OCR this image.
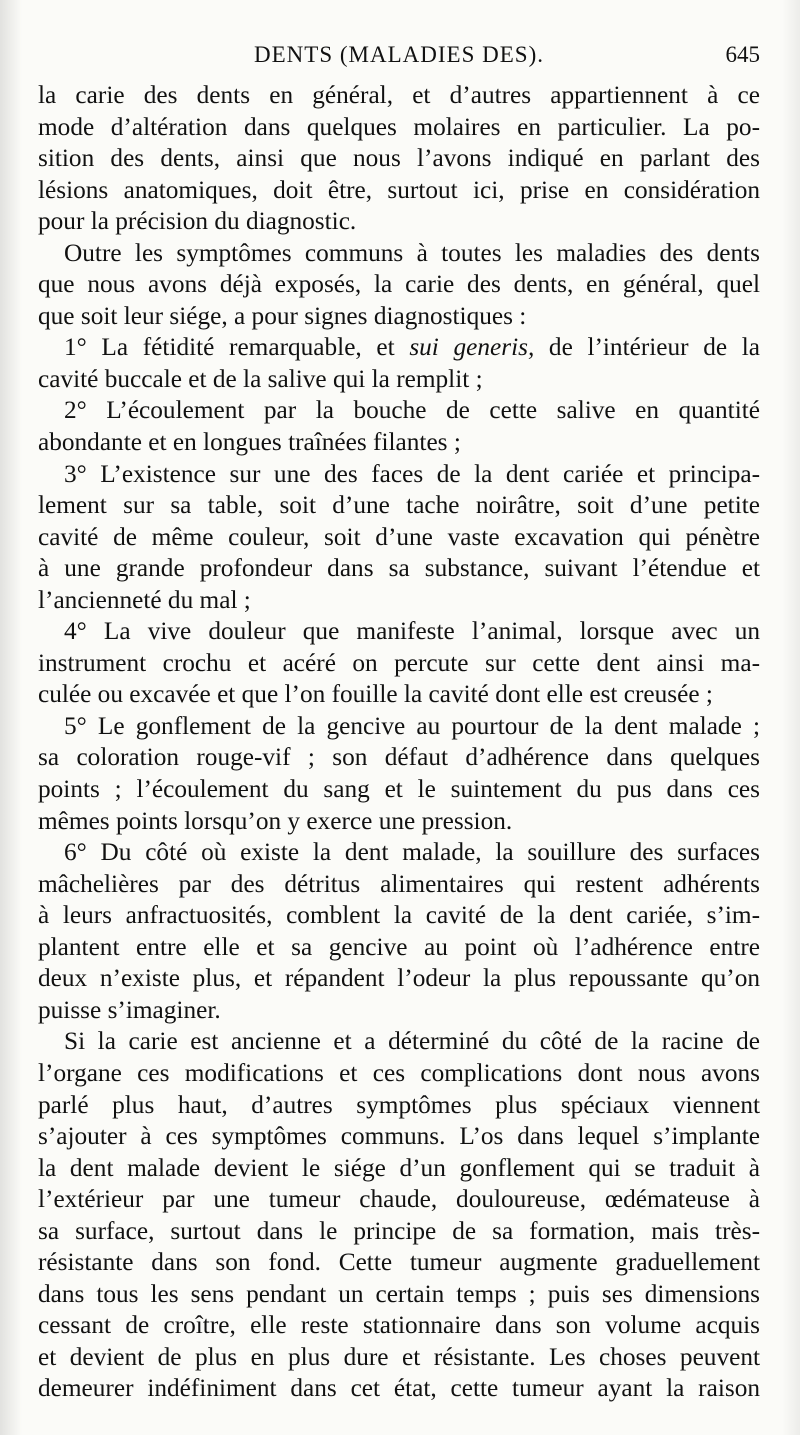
DENTS (MALADIES DES).	645

la carie des dents en général, et d’autres appartiennent à ce
mode d’altération dans quelques molaires en particulier. La po-
sition des dents, ainsi que nous l’avons indiqué en parlant des
lésions anatomiques, doit être, surtout ici, prise en considération
pour la précision du diagnostic.

Outre les symptômes communs à toutes les maladies des dents
que nous avons déjà exposés, la carie des dents, en général, quel
que soit leur siége, a pour signes diagnostiques :

1° La fétidité remarquable, et sui generis, de l’intérieur de la
cavité buccale et de la salive qui la remplit ;

2° L’écoulement par la bouche de cette salive en quantité
abondante et en longues traînées filantes ;

3° L’existence sur une des faces de la dent cariée et principa-
lement sur sa table, soit d’une tache noirâtre, soit d’une petite
cavité de même couleur, soit d’une vaste excavation qui pénètre
à une grande profondeur dans sa substance, suivant l’étendue et
l’ancienneté du mal ;

4° La vive douleur que manifeste l’animal, lorsque avec un
instrument crochu et acéré on percute sur cette dent ainsi ma-
culée ou excavée et que l’on fouille la cavité dont elle est creusée ;

5° Le gonflement de la gencive au pourtour de la dent malade ;
sa coloration rouge-vif ; son défaut d’adhérence dans quelques
points ; l’écoulement du sang et le suintement du pus dans ces
mêmes points lorsqu’on y exerce une pression.

6° Du côté où existe la dent malade, la souillure des surfaces
mâchelières par des détritus alimentaires qui restent adhérents
à leurs anfractuosités, comblent la cavité de la dent cariée, s’im-
plantent entre elle et sa gencive au point où l’adhérence entre
deux n’existe plus, et répandent l’odeur la plus repoussante qu’on
puisse s’imaginer.

Si la carie est ancienne et a déterminé du côté de la racine de
l’organe ces modifications et ces complications dont nous avons
parlé plus haut, d’autres symptômes plus spéciaux viennent
s’ajouter à ces symptômes communs. L’os dans lequel s’implante
la dent malade devient le siége d’un gonflement qui se traduit à
l’extérieur par une tumeur chaude, douloureuse, œdémateuse à
sa surface, surtout dans le principe de sa formation, mais très-
résistante dans son fond. Cette tumeur augmente graduellement
dans tous les sens pendant un certain temps ; puis ses dimensions
cessant de croître, elle reste stationnaire dans son volume acquis
et devient de plus en plus dure et résistante. Les choses peuvent
demeurer indéfiniment dans cet état, cette tumeur ayant la raison
